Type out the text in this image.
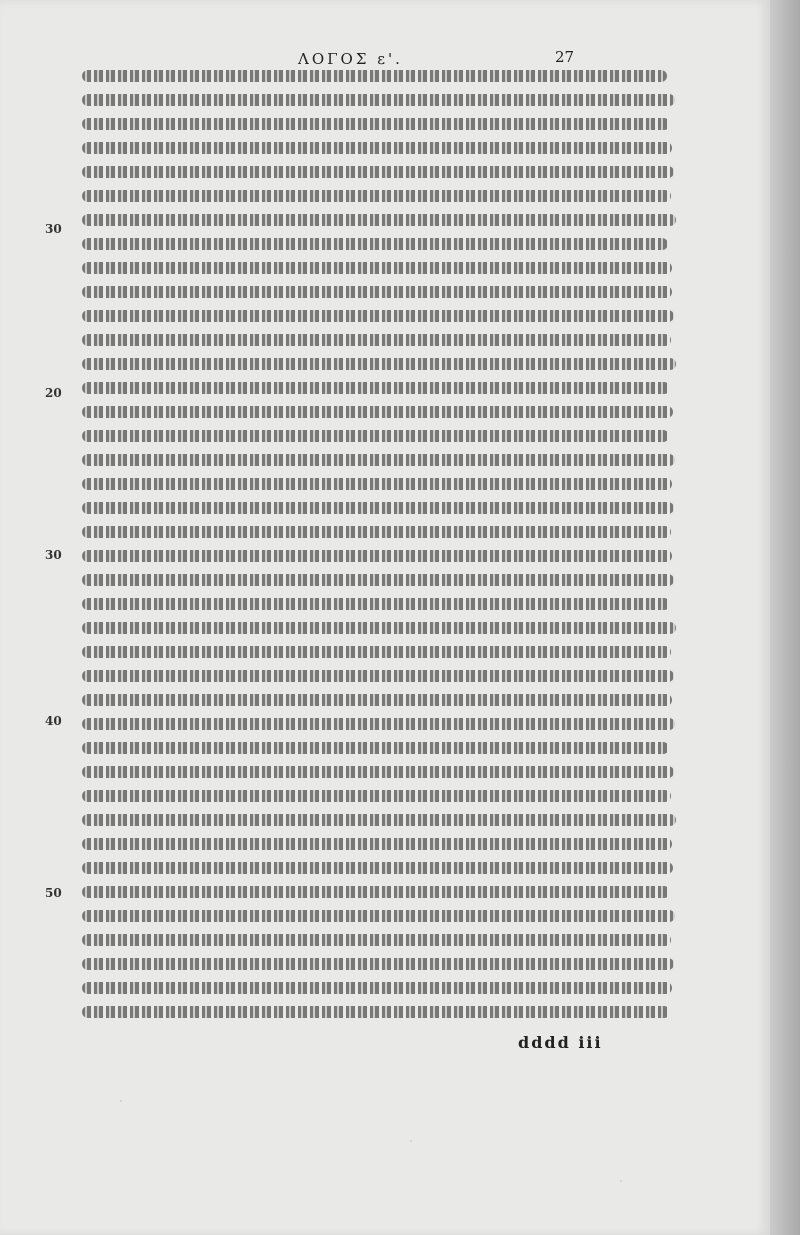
ΛΟΓΟΣ ε'.	27
30
20
30
40
50
dddd iii
